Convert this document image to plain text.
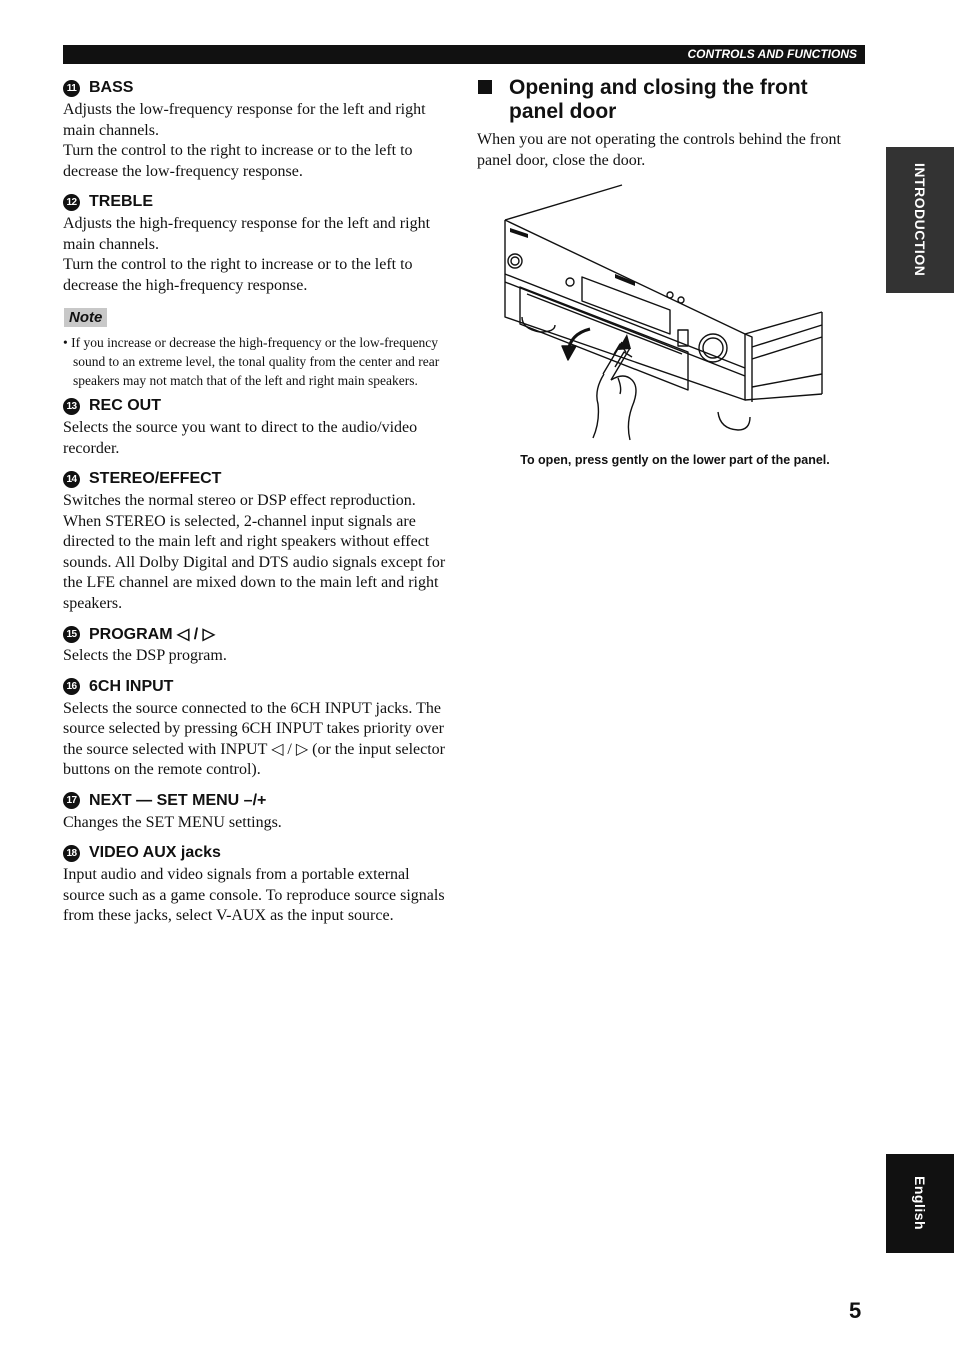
CONTROLS AND FUNCTIONS
11 BASS

Adjusts the low-frequency response for the left and right main channels.

Turn the control to the right to increase or to the left to decrease the low-frequency response.

12 TREBLE

Adjusts the high-frequency response for the left and right main channels.

Turn the control to the right to increase or to the left to decrease the high-frequency response.

Note
• If you increase or decrease the high-frequency or the low-frequency sound to an extreme level, the tonal quality from the center and rear speakers may not match that of the left and right main speakers.
13 REC OUT

Selects the source you want to direct to the audio/video recorder.

14 STEREO/EFFECT

Switches the normal stereo or DSP effect reproduction. When STEREO is selected, 2-channel input signals are directed to the main left and right speakers without effect sounds. All Dolby Digital and DTS audio signals except for the LFE channel are mixed down to the main left and right speakers.

15 PROGRAM ◁ / ▷

Selects the DSP program.

16 6CH INPUT

Selects the source connected to the 6CH INPUT jacks. The source selected by pressing 6CH INPUT takes priority over the source selected with INPUT ◁ / ▷ (or the input selector buttons on the remote control).

17 NEXT — SET MENU –/+

Changes the SET MENU settings.

18 VIDEO AUX jacks

Input audio and video signals from a portable external source such as a game console. To reproduce source signals from these jacks, select V-AUX as the input source.

Opening and closing the front panel door

When you are not operating the controls behind the front panel door, close the door.

To open, press gently on the lower part of the panel.
INTRODUCTION
English
5
